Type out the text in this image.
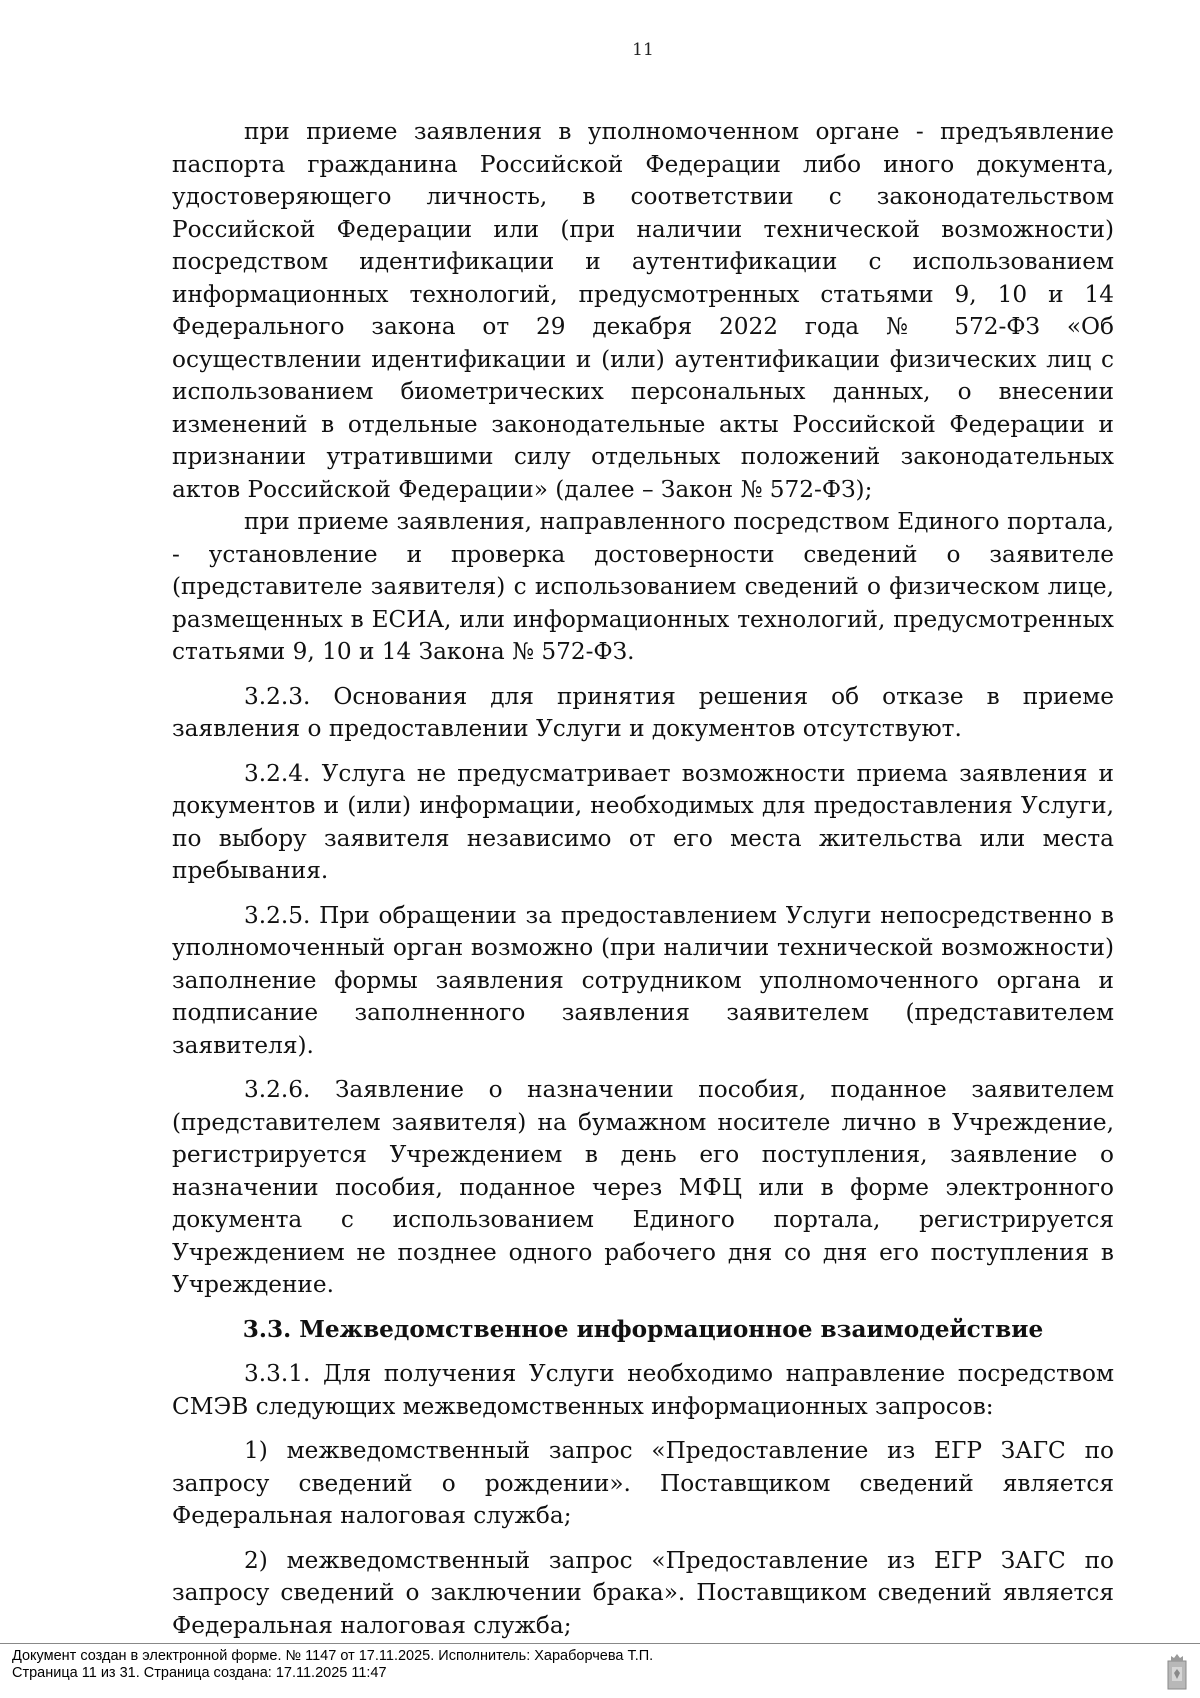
11

при приеме заявления в уполномоченном органе - предъявление паспорта гражданина Российской Федерации либо иного документа, удостоверяющего личность, в соответствии с законодательством Российской Федерации или (при наличии технической возможности) посредством идентификации и аутентификации с использованием информационных технологий, предусмотренных статьями 9, 10 и 14 Федерального закона от 29 декабря 2022 года № 572-ФЗ «Об осуществлении идентификации и (или) аутентификации физических лиц с использованием биометрических персональных данных, о внесении изменений в отдельные законодательные акты Российской Федерации и признании утратившими силу отдельных положений законодательных актов Российской Федерации» (далее – Закон № 572-ФЗ);

при приеме заявления, направленного посредством Единого портала, - установление и проверка достоверности сведений о заявителе (представителе заявителя) с использованием сведений о физическом лице, размещенных в ЕСИА, или информационных технологий, предусмотренных статьями 9, 10 и 14 Закона № 572-ФЗ.

3.2.3. Основания для принятия решения об отказе в приеме заявления о предоставлении Услуги и документов отсутствуют.

3.2.4. Услуга не предусматривает возможности приема заявления и документов и (или) информации, необходимых для предоставления Услуги, по выбору заявителя независимо от его места жительства или места пребывания.

3.2.5. При обращении за предоставлением Услуги непосредственно в уполномоченный орган возможно (при наличии технической возможности) заполнение формы заявления сотрудником уполномоченного органа и подписание заполненного заявления заявителем (представителем заявителя).

3.2.6. Заявление о назначении пособия, поданное заявителем (представителем заявителя) на бумажном носителе лично в Учреждение, регистрируется Учреждением в день его поступления, заявление о назначении пособия, поданное через МФЦ или в форме электронного документа с использованием Единого портала, регистрируется Учреждением не позднее одного рабочего дня со дня его поступления в Учреждение.

3.3. Межведомственное информационное взаимодействие

3.3.1. Для получения Услуги необходимо направление посредством СМЭВ следующих межведомственных информационных запросов:

1) межведомственный запрос «Предоставление из ЕГР ЗАГС по запросу сведений о рождении». Поставщиком сведений является Федеральная налоговая служба;

2) межведомственный запрос «Предоставление из ЕГР ЗАГС по запросу сведений о заключении брака». Поставщиком сведений является Федеральная налоговая служба;

Документ создан в электронной форме. № 1147 от 17.11.2025. Исполнитель: Хараборчева Т.П.
Страница 11 из 31. Страница создана: 17.11.2025 11:47
